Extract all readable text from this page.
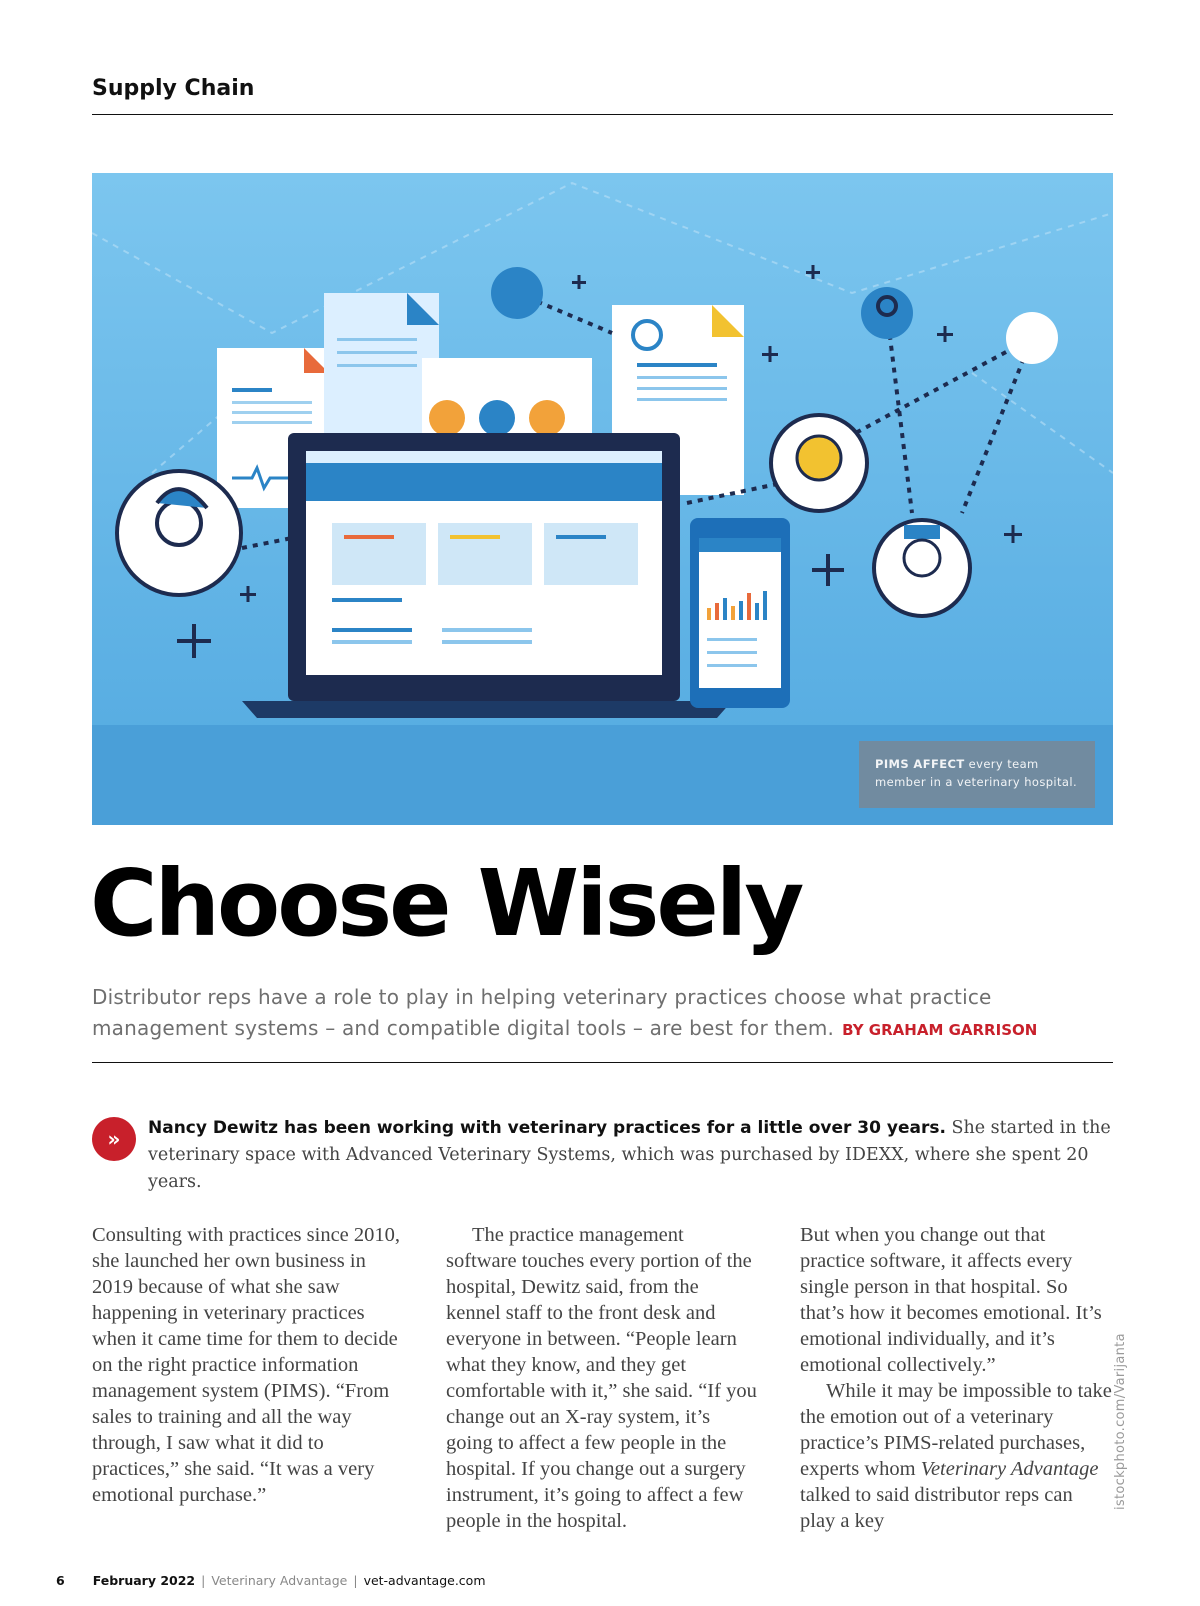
Supply Chain
PIMS AFFECT every team member in a veterinary hospital.
Choose Wisely
Distributor reps have a role to play in helping veterinary practices choose what practice management systems – and compatible digital tools – are best for them. BY GRAHAM GARRISON
»	Nancy Dewitz has been working with veterinary practices for a little over 30 years. She started in the veterinary space with Advanced Veterinary Systems, which was purchased by IDEXX, where she spent 20 years.

Consulting with practices since 2010, she launched her own business in 2019 because of what she saw happening in veterinary practices when it came time for them to decide on the right practice information management system (PIMS). “From sales to training and all the way through, I saw what it did to practices,” she said. “It was a very emotional purchase.”

The practice management software touches every portion of the hospital, Dewitz said, from the kennel staff to the front desk and everyone in between. “People learn what they know, and they get comfortable with it,” she said. “If you change out an X-ray system, it’s going to affect a few people in the hospital. If you change out a surgery instrument, it’s going to affect a few people in the hospital.

But when you change out that practice software, it affects every single person in that hospital. So that’s how it becomes emotional. It’s emotional individually, and it’s emotional collectively.”

While it may be impossible to take the emotion out of a veterinary practice’s PIMS-related purchases, experts whom Veterinary Advantage talked to said distributor reps can play a key

istockphoto.com/Varijanta
6 February 2022 | Veterinary Advantage | vet-advantage.com
